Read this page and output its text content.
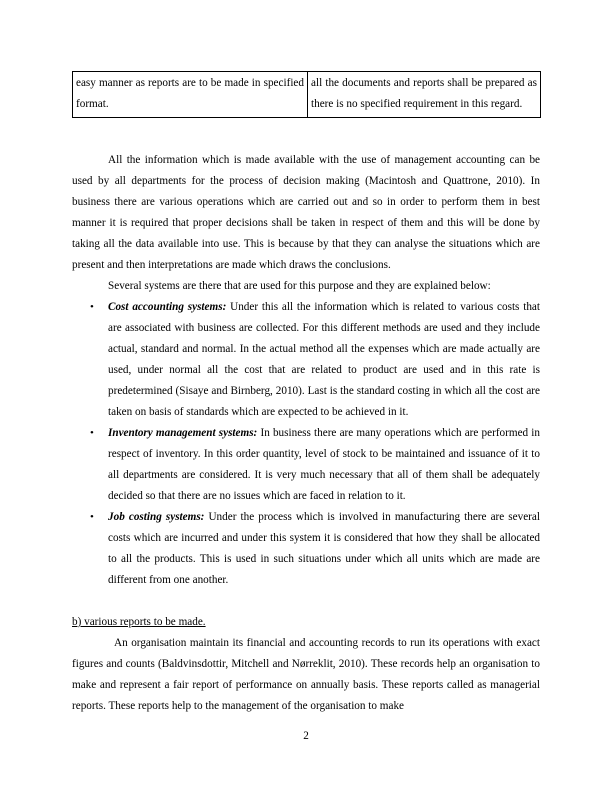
easy manner as reports are to be made in specified format.	all the documents and reports shall be prepared as there is no specified requirement in this regard.

All the information which is made available with the use of management accounting can be used by all departments for the process of decision making (Macintosh and Quattrone, 2010). In business there are various operations which are carried out and so in order to perform them in best manner it is required that proper decisions shall be taken in respect of them and this will be done by taking all the data available into use. This is because by that they can analyse the situations which are present and then interpretations are made which draws the conclusions.

Several systems are there that are used for this purpose and they are explained below:

• Cost accounting systems: Under this all the information which is related to various costs that are associated with business are collected. For this different methods are used and they include actual, standard and normal. In the actual method all the expenses which are made actually are used, under normal all the cost that are related to product are used and in this rate is predetermined (Sisaye and Birnberg, 2010). Last is the standard costing in which all the cost are taken on basis of standards which are expected to be achieved in it.
• Inventory management systems: In business there are many operations which are performed in respect of inventory. In this order quantity, level of stock to be maintained and issuance of it to all departments are considered. It is very much necessary that all of them shall be adequately decided so that there are no issues which are faced in relation to it.
• Job costing systems: Under the process which is involved in manufacturing there are several costs which are incurred and under this system it is considered that how they shall be allocated to all the products. This is used in such situations under which all units which are made are different from one another.

b) various reports to be made.

An organisation maintain its financial and accounting records to run its operations with exact figures and counts (Baldvinsdottir, Mitchell and Nørreklit, 2010). These records help an organisation to make and represent a fair report of performance on annually basis. These reports called as managerial reports. These reports help to the management of the organisation to make

2
